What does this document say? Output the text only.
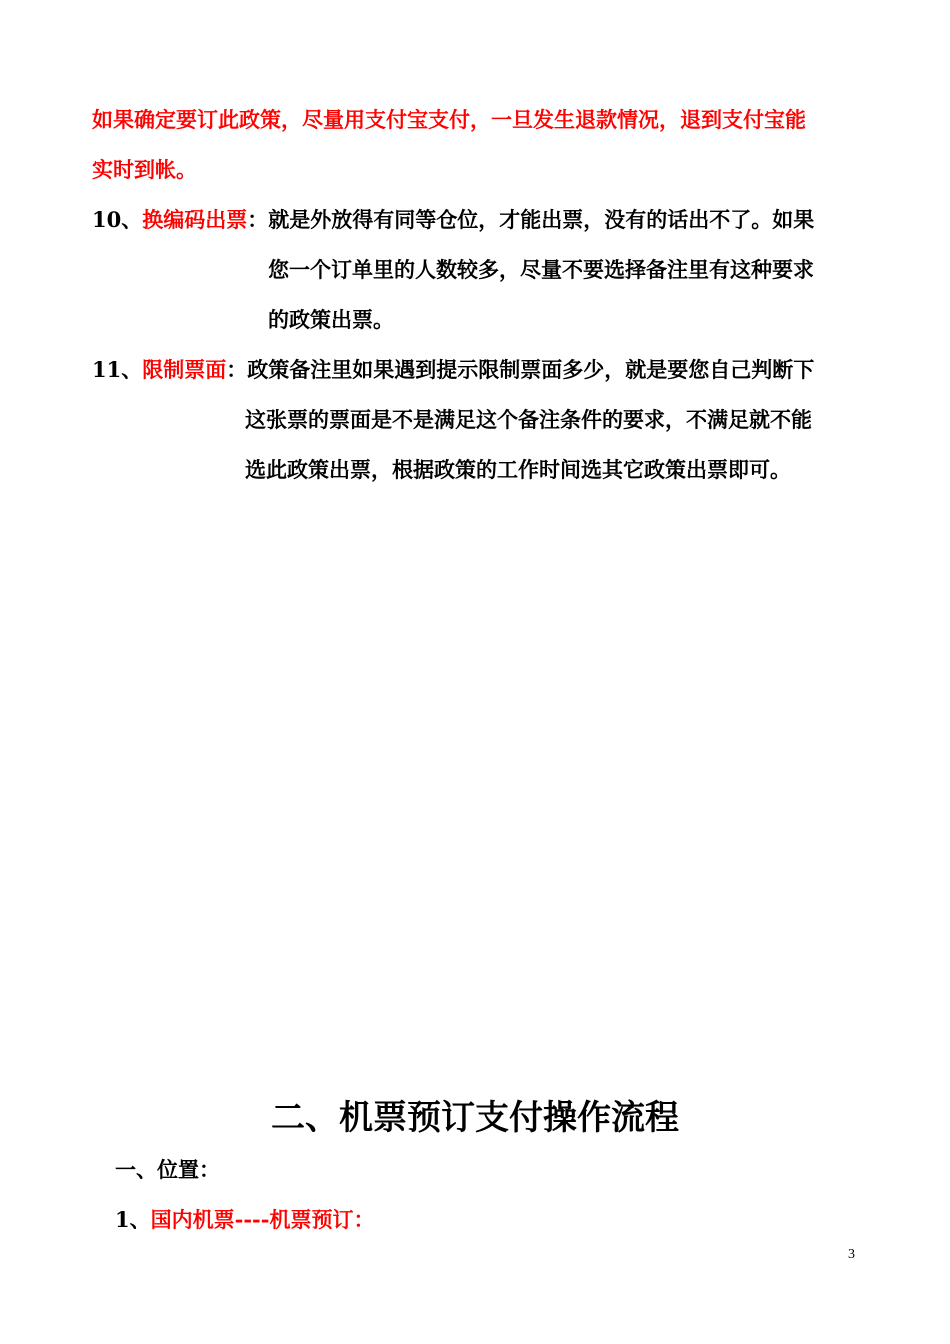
如果确定要订此政策，尽量用支付宝支付，一旦发生退款情况，退到支付宝能
实时到帐。
10、换编码出票：就是外放得有同等仓位，才能出票，没有的话出不了。如果
您一个订单里的人数较多，尽量不要选择备注里有这种要求
的政策出票。
11、限制票面：政策备注里如果遇到提示限制票面多少，就是要您自己判断下
这张票的票面是不是满足这个备注条件的要求，不满足就不能
选此政策出票，根据政策的工作时间选其它政策出票即可。
二、机票预订支付操作流程
一、位置：
1、国内机票----机票预订：
3
